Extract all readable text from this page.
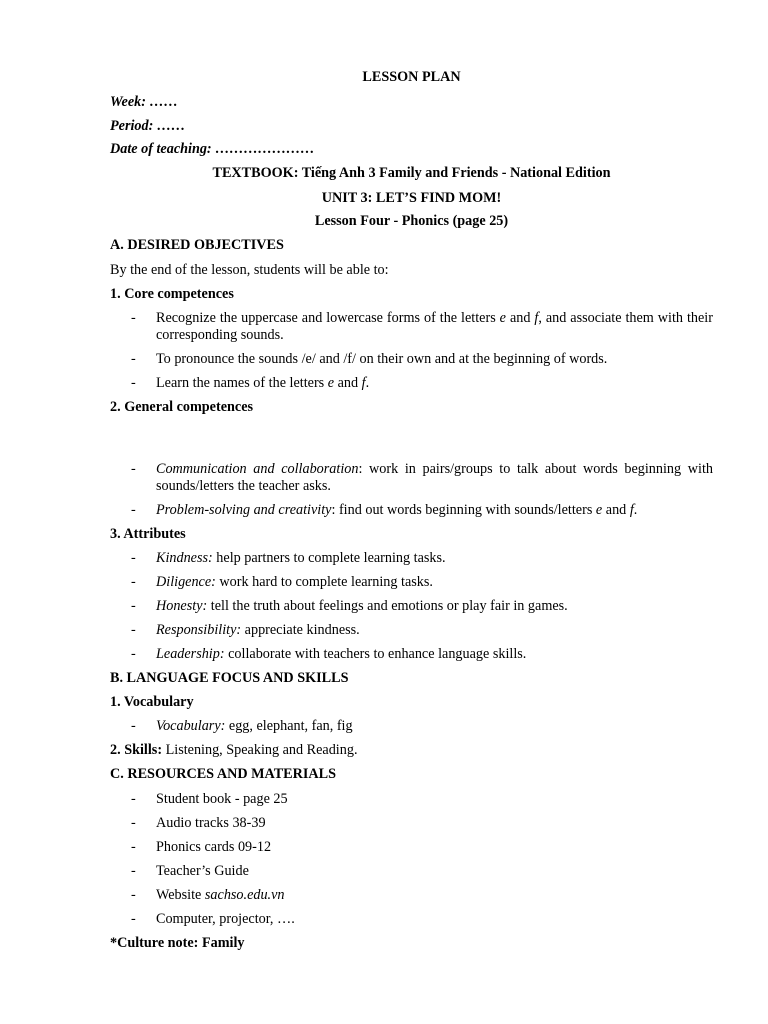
LESSON PLAN
Week: ……
Period: ……
Date of teaching: …………………
TEXTBOOK: Tiếng Anh 3 Family and Friends - National Edition
UNIT 3: LET’S FIND MOM!
Lesson Four - Phonics (page 25)
A. DESIRED OBJECTIVES
By the end of the lesson, students will be able to:
1. Core competences
- Recognize the uppercase and lowercase forms of the letters e and f, and associate them with their corresponding sounds.
- To pronounce the sounds /e/ and /f/ on their own and at the beginning of words.
- Learn the names of the letters e and f.
2. General competences
- Communication and collaboration: work in pairs/groups to talk about words beginning with sounds/letters the teacher asks.
- Problem-solving and creativity: find out words beginning with sounds/letters e and f.
3. Attributes
- Kindness: help partners to complete learning tasks.
- Diligence: work hard to complete learning tasks.
- Honesty: tell the truth about feelings and emotions or play fair in games.
- Responsibility: appreciate kindness.
- Leadership: collaborate with teachers to enhance language skills.
B. LANGUAGE FOCUS AND SKILLS
1. Vocabulary
- Vocabulary: egg, elephant, fan, fig
2. Skills: Listening, Speaking and Reading.
C. RESOURCES AND MATERIALS
- Student book - page 25
- Audio tracks 38-39
- Phonics cards 09-12
- Teacher’s Guide
- Website sachso.edu.vn
- Computer, projector, ….
*Culture note: Family
